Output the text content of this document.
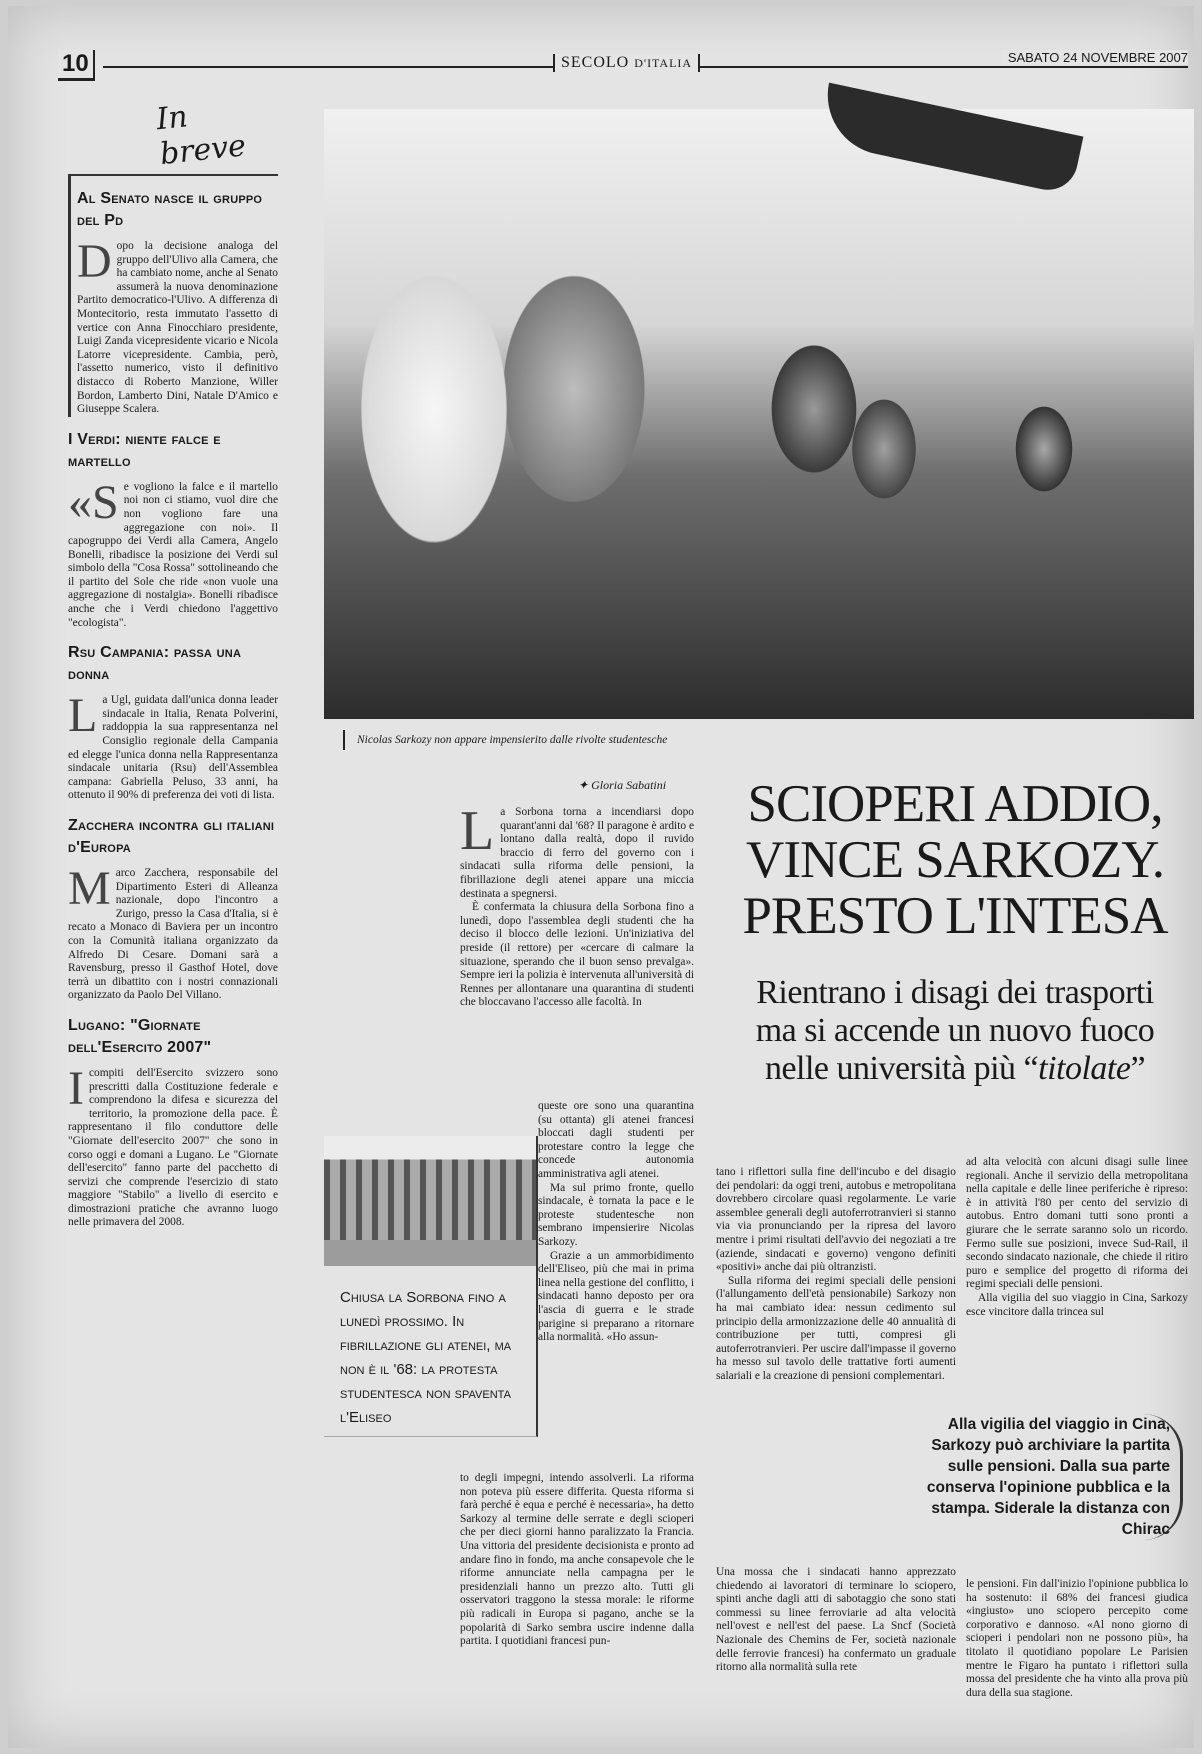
10	SECOLO D'ITALIA	SABATO 24 NOVEMBRE 2007
In breve
Al Senato nasce il gruppo del Pd

Dopo la decisione analoga del gruppo dell'Ulivo alla Camera, che ha cambiato nome, anche al Senato assumerà la nuova denominazione Partito democratico-l'Ulivo. A differenza di Montecitorio, resta immutato l'assetto di vertice con Anna Finocchiaro presidente, Luigi Zanda vicepresidente vicario e Nicola Latorre vicepresidente. Cambia, però, l'assetto numerico, visto il definitivo distacco di Roberto Manzione, Willer Bordon, Lamberto Dini, Natale D'Amico e Giuseppe Scalera.

I Verdi: niente falce e martello

«Se vogliono la falce e il martello noi non ci stiamo, vuol dire che non vogliono fare una aggregazione con noi». Il capogruppo dei Verdi alla Camera, Angelo Bonelli, ribadisce la posizione dei Verdi sul simbolo della "Cosa Rossa" sottolineando che il partito del Sole che ride «non vuole una aggregazione di nostalgia». Bonelli ribadisce anche che i Verdi chiedono l'aggettivo "ecologista".

Rsu Campania: passa una donna

La Ugl, guidata dall'unica donna leader sindacale in Italia, Renata Polverini, raddoppia la sua rappresentanza nel Consiglio regionale della Campania ed elegge l'unica donna nella Rappresentanza sindacale unitaria (Rsu) dell'Assemblea campana: Gabriella Peluso, 33 anni, ha ottenuto il 90% di preferenza dei voti di lista.

Zacchera incontra gli italiani d'Europa

Marco Zacchera, responsabile del Dipartimento Esteri di Alleanza nazionale, dopo l'incontro a Zurigo, presso la Casa d'Italia, si è recato a Monaco di Baviera per un incontro con la Comunità italiana organizzato da Alfredo Di Cesare. Domani sarà a Ravensburg, presso il Gasthof Hotel, dove terrà un dibattito con i nostri connazionali organizzato da Paolo Del Villano.

Lugano: "Giornate dell'Esercito 2007"

Icompiti dell'Esercito svizzero sono prescritti dalla Costituzione federale e comprendono la difesa e sicurezza del territorio, la promozione della pace. È rappresentano il filo conduttore delle "Giornate dell'esercito 2007" che sono in corso oggi e domani a Lugano. Le "Giornate dell'esercito" fanno parte del pacchetto di servizi che comprende l'esercizio di stato maggiore "Stabilo" a livello di esercito e dimostrazioni pratiche che avranno luogo nelle primavera del 2008.

Nicolas Sarkozy non appare impensierito dalle rivolte studentesche
✦ Gloria Sabatini	SCIOPERI ADDIO,
VINCE SARKOZY.
PRESTO L'INTESA
Rientrano i disagi dei trasporti
ma si accende un nuovo fuoco
nelle università più “titolate”

La Sorbona torna a incendiarsi dopo quarant'anni dal '68? Il paragone è ardito e lontano dalla realtà, dopo il ruvido braccio di ferro del governo con i sindacati sulla riforma delle pensioni, la fibrillazione degli atenei appare una miccia destinata a spegnersi.

È confermata la chiusura della Sorbona fino a lunedì, dopo l'assemblea degli studenti che ha deciso il blocco delle lezioni. Un'iniziativa del preside (il rettore) per «cercare di calmare la situazione, sperando che il buon senso prevalga». Sempre ieri la polizia è intervenuta all'università di Rennes per allontanare una quarantina di studenti che bloccavano l'accesso alle facoltà. In

Chiusa la Sorbona fino a lunedì prossimo. In fibrillazione gli atenei, ma non è il '68: la protesta studentesca non spaventa l'Eliseo

queste ore sono una quarantina (su ottanta) gli atenei francesi bloccati dagli studenti per protestare contro la legge che concede autonomia amministrativa agli atenei.

Ma sul primo fronte, quello sindacale, è tornata la pace e le proteste studentesche non sembrano impensierire Nicolas Sarkozy.

Grazie a un ammorbidimento dell'Eliseo, più che mai in prima linea nella gestione del conflitto, i sindacati hanno deposto per ora l'ascia di guerra e le strade parigine si preparano a ritornare alla normalità. «Ho assun-

to degli impegni, intendo assolverli. La riforma non poteva più essere differita. Questa riforma si farà perché è equa e perché è necessaria», ha detto Sarkozy al termine delle serrate e degli scioperi che per dieci giorni hanno paralizzato la Francia. Una vittoria del presidente decisionista e pronto ad andare fino in fondo, ma anche consapevole che le riforme annunciate nella campagna per le presidenziali hanno un prezzo alto. Tutti gli osservatori traggono la stessa morale: le riforme più radicali in Europa si pagano, anche se la popolarità di Sarko sembra uscire indenne dalla partita. I quotidiani francesi pun-

tano i riflettori sulla fine dell'incubo e del disagio dei pendolari: da oggi treni, autobus e metropolitana dovrebbero circolare quasi regolarmente. Le varie assemblee generali degli autoferrotranvieri si stanno via via pronunciando per la ripresa del lavoro mentre i primi risultati dell'avvio dei negoziati a tre (aziende, sindacati e governo) vengono definiti «positivi» anche dai più oltranzisti.

Sulla riforma dei regimi speciali delle pensioni (l'allungamento dell'età pensionabile) Sarkozy non ha mai cambiato idea: nessun cedimento sul principio della armonizzazione delle 40 annualità di contribuzione per tutti, compresi gli autoferrotranvieri. Per uscire dall'impasse il governo ha messo sul tavolo delle trattative forti aumenti salariali e la creazione di pensioni complementari.

ad alta velocità con alcuni disagi sulle linee regionali. Anche il servizio della metropolitana nella capitale e delle linee periferiche è ripreso: è in attività l'80 per cento del servizio di autobus. Entro domani tutti sono pronti a giurare che le serrate saranno solo un ricordo. Fermo sulle sue posizioni, invece Sud-Rail, il secondo sindacato nazionale, che chiede il ritiro puro e semplice del progetto di riforma dei regimi speciali delle pensioni.

Alla vigilia del suo viaggio in Cina, Sarkozy esce vincitore dalla trincea sul

Alla vigilia del viaggio in Cina, Sarkozy può archiviare la partita sulle pensioni. Dalla sua parte conserva l'opinione pubblica e la stampa. Siderale la distanza con Chirac
Una mossa che i sindacati hanno apprezzato chiedendo ai lavoratori di terminare lo sciopero, spinti anche dagli atti di sabotaggio che sono stati commessi su linee ferroviarie ad alta velocità nell'ovest e nell'est del paese. La Sncf (Società Nazionale des Chemins de Fer, società nazionale delle ferrovie francesi) ha confermato un graduale ritorno alla normalità sulla rete
le pensioni. Fin dall'inizio l'opinione pubblica lo ha sostenuto: il 68% dei francesi giudica «ingiusto» uno sciopero percepito come corporativo e dannoso. «Al nono giorno di scioperi i pendolari non ne possono più», ha titolato il quotidiano popolare Le Parisien mentre le Figaro ha puntato i riflettori sulla mossa del presidente che ha vinto alla prova più dura della sua stagione.
